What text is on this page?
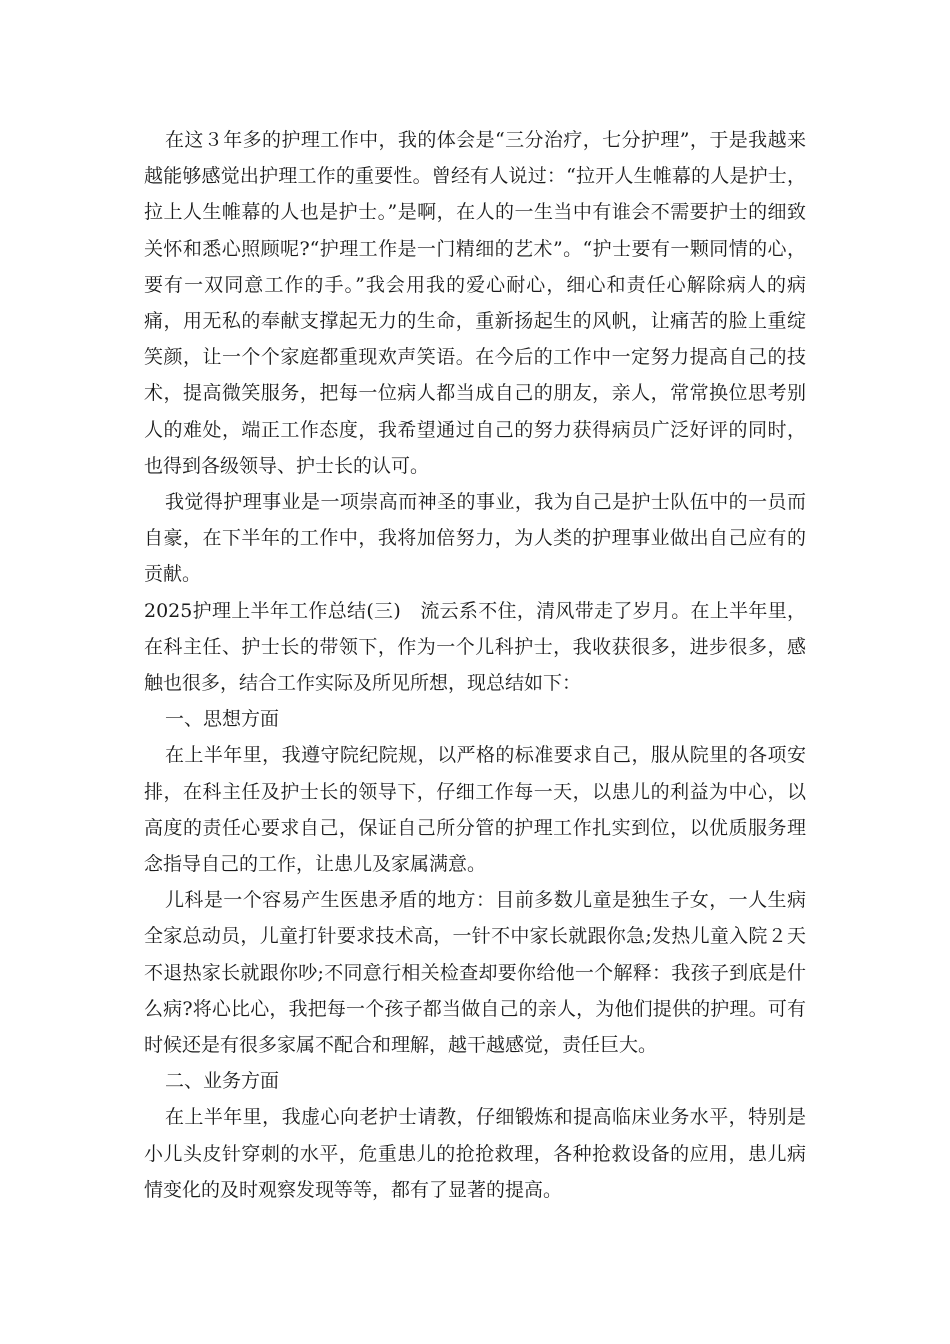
在这３年多的护理工作中，我的体会是“三分治疗，七分护理”，于是我越来越能够感觉出护理工作的重要性。曾经有人说过：“拉开人生帷幕的人是护士，拉上人生帷幕的人也是护士。”是啊，在人的一生当中有谁会不需要护士的细致关怀和悉心照顾呢?“护理工作是一门精细的艺术”。“护士要有一颗同情的心，要有一双同意工作的手。”我会用我的爱心耐心，细心和责任心解除病人的病痛，用无私的奉献支撑起无力的生命，重新扬起生的风帆，让痛苦的脸上重绽笑颜，让一个个家庭都重现欢声笑语。在今后的工作中一定努力提高自己的技术，提高微笑服务，把每一位病人都当成自己的朋友，亲人，常常换位思考别人的难处，端正工作态度，我希望通过自己的努力获得病员广泛好评的同时，也得到各级领导、护士长的认可。

我觉得护理事业是一项崇高而神圣的事业，我为自己是护士队伍中的一员而自豪，在下半年的工作中，我将加倍努力，为人类的护理事业做出自己应有的贡献。

2025护理上半年工作总结(三)　流云系不住，清风带走了岁月。在上半年里，在科主任、护士长的带领下，作为一个儿科护士，我收获很多，进步很多，感触也很多，结合工作实际及所见所想，现总结如下：

一、思想方面

在上半年里，我遵守院纪院规，以严格的标准要求自己，服从院里的各项安排，在科主任及护士长的领导下，仔细工作每一天，以患儿的利益为中心，以高度的责任心要求自己，保证自己所分管的护理工作扎实到位，以优质服务理念指导自己的工作，让患儿及家属满意。

儿科是一个容易产生医患矛盾的地方：目前多数儿童是独生子女，一人生病全家总动员，儿童打针要求技术高，一针不中家长就跟你急;发热儿童入院２天不退热家长就跟你吵;不同意行相关检查却要你给他一个解释：我孩子到底是什么病?将心比心，我把每一个孩子都当做自己的亲人，为他们提供的护理。可有时候还是有很多家属不配合和理解，越干越感觉，责任巨大。

二、业务方面

在上半年里，我虚心向老护士请教，仔细锻炼和提高临床业务水平，特别是小儿头皮针穿刺的水平，危重患儿的抢抢救理，各种抢救设备的应用，患儿病情变化的及时观察发现等等，都有了显著的提高。
